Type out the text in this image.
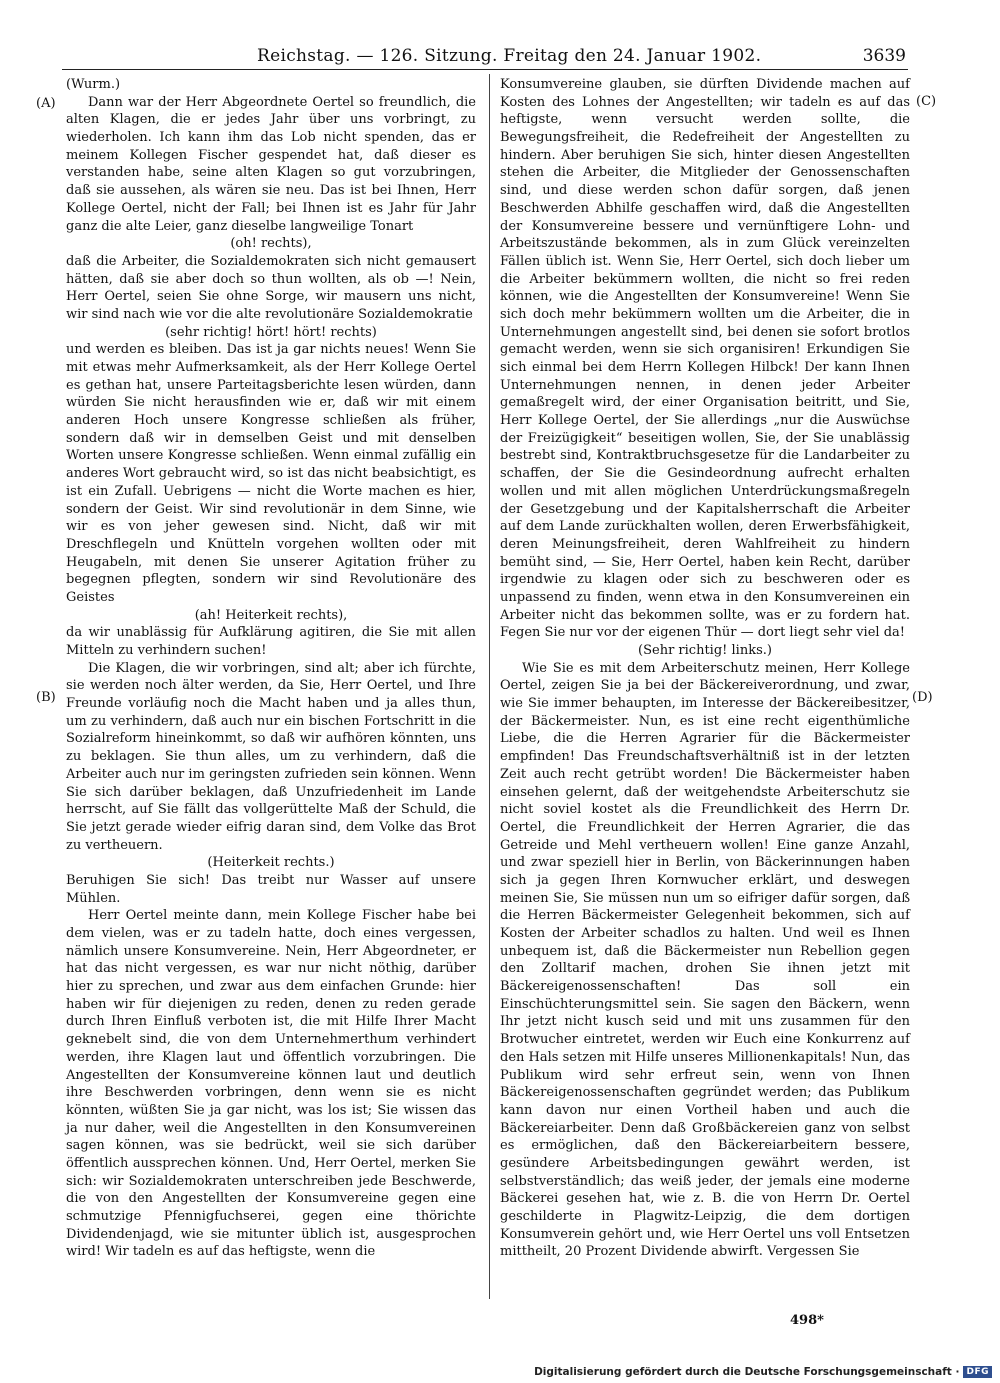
Reichstag. — 126. Sitzung. Freitag den 24. Januar 1902.	3639
(A)
(B)
(C)
(D)

(Wurm.)

Dann war der Herr Abgeordnete Oertel so freundlich, die alten Klagen, die er jedes Jahr über uns vorbringt, zu wiederholen. Ich kann ihm das Lob nicht spenden, das er meinem Kollegen Fischer gespendet hat, daß dieser es verstanden habe, seine alten Klagen so gut vorzubringen, daß sie aussehen, als wären sie neu. Das ist bei Ihnen, Herr Kollege Oertel, nicht der Fall; bei Ihnen ist es Jahr für Jahr ganz die alte Leier, ganz dieselbe langweilige Tonart

(oh! rechts),

daß die Arbeiter, die Sozialdemokraten sich nicht gemausert hätten, daß sie aber doch so thun wollten, als ob —! Nein, Herr Oertel, seien Sie ohne Sorge, wir mausern uns nicht, wir sind nach wie vor die alte revolutionäre Sozialdemokratie

(sehr richtig! hört! hört! rechts)

und werden es bleiben. Das ist ja gar nichts neues! Wenn Sie mit etwas mehr Aufmerksamkeit, als der Herr Kollege Oertel es gethan hat, unsere Parteitagsberichte lesen würden, dann würden Sie nicht herausfinden wie er, daß wir mit einem anderen Hoch unsere Kongresse schließen als früher, sondern daß wir in demselben Geist und mit denselben Worten unsere Kongresse schließen. Wenn einmal zufällig ein anderes Wort gebraucht wird, so ist das nicht beabsichtigt, es ist ein Zufall. Uebrigens — nicht die Worte machen es hier, sondern der Geist. Wir sind revolutionär in dem Sinne, wie wir es von jeher gewesen sind. Nicht, daß wir mit Dreschflegeln und Knütteln vorgehen wollten oder mit Heugabeln, mit denen Sie unserer Agitation früher zu begegnen pflegten, sondern wir sind Revolutionäre des Geistes

(ah! Heiterkeit rechts),

da wir unablässig für Aufklärung agitiren, die Sie mit allen Mitteln zu verhindern suchen!

Die Klagen, die wir vorbringen, sind alt; aber ich fürchte, sie werden noch älter werden, da Sie, Herr Oertel, und Ihre Freunde vorläufig noch die Macht haben und ja alles thun, um zu verhindern, daß auch nur ein bischen Fortschritt in die Sozialreform hineinkommt, so daß wir aufhören könnten, uns zu beklagen. Sie thun alles, um zu verhindern, daß die Arbeiter auch nur im geringsten zufrieden sein können. Wenn Sie sich darüber beklagen, daß Unzufriedenheit im Lande herrscht, auf Sie fällt das vollgerüttelte Maß der Schuld, die Sie jetzt gerade wieder eifrig daran sind, dem Volke das Brot zu vertheuern.

(Heiterkeit rechts.)

Beruhigen Sie sich! Das treibt nur Wasser auf unsere Mühlen.

Herr Oertel meinte dann, mein Kollege Fischer habe bei dem vielen, was er zu tadeln hatte, doch eines vergessen, nämlich unsere Konsumvereine. Nein, Herr Abgeordneter, er hat das nicht vergessen, es war nur nicht nöthig, darüber hier zu sprechen, und zwar aus dem einfachen Grunde: hier haben wir für diejenigen zu reden, denen zu reden gerade durch Ihren Einfluß verboten ist, die mit Hilfe Ihrer Macht geknebelt sind, die von dem Unternehmerthum verhindert werden, ihre Klagen laut und öffentlich vorzubringen. Die Angestellten der Konsumvereine können laut und deutlich ihre Beschwerden vorbringen, denn wenn sie es nicht könnten, wüßten Sie ja gar nicht, was los ist; Sie wissen das ja nur daher, weil die Angestellten in den Konsumvereinen sagen können, was sie bedrückt, weil sie sich darüber öffentlich aussprechen können. Und, Herr Oertel, merken Sie sich: wir Sozialdemokraten unterschreiben jede Beschwerde, die von den Angestellten der Konsumvereine gegen eine schmutzige Pfennigfuchserei, gegen eine thörichte Dividendenjagd, wie sie mitunter üblich ist, ausgesprochen wird! Wir tadeln es auf das heftigste, wenn die

Konsumvereine glauben, sie dürften Dividende machen auf Kosten des Lohnes der Angestellten; wir tadeln es auf das heftigste, wenn versucht werden sollte, die Bewegungsfreiheit, die Redefreiheit der Angestellten zu hindern. Aber beruhigen Sie sich, hinter diesen Angestellten stehen die Arbeiter, die Mitglieder der Genossenschaften sind, und diese werden schon dafür sorgen, daß jenen Beschwerden Abhilfe geschaffen wird, daß die Angestellten der Konsumvereine bessere und vernünftigere Lohn- und Arbeitszustände bekommen, als in zum Glück vereinzelten Fällen üblich ist. Wenn Sie, Herr Oertel, sich doch lieber um die Arbeiter bekümmern wollten, die nicht so frei reden können, wie die Angestellten der Konsumvereine! Wenn Sie sich doch mehr bekümmern wollten um die Arbeiter, die in Unternehmungen angestellt sind, bei denen sie sofort brotlos gemacht werden, wenn sie sich organisiren! Erkundigen Sie sich einmal bei dem Herrn Kollegen Hilbck! Der kann Ihnen Unternehmungen nennen, in denen jeder Arbeiter gemaßregelt wird, der einer Organisation beitritt, und Sie, Herr Kollege Oertel, der Sie allerdings „nur die Auswüchse der Freizügigkeit“ beseitigen wollen, Sie, der Sie unablässig bestrebt sind, Kontraktbruchsgesetze für die Landarbeiter zu schaffen, der Sie die Gesindeordnung aufrecht erhalten wollen und mit allen möglichen Unterdrückungsmaßregeln der Gesetzgebung und der Kapitalsherrschaft die Arbeiter auf dem Lande zurückhalten wollen, deren Erwerbsfähigkeit, deren Meinungsfreiheit, deren Wahlfreiheit zu hindern bemüht sind, — Sie, Herr Oertel, haben kein Recht, darüber irgendwie zu klagen oder sich zu beschweren oder es unpassend zu finden, wenn etwa in den Konsumvereinen ein Arbeiter nicht das bekommen sollte, was er zu fordern hat. Fegen Sie nur vor der eigenen Thür — dort liegt sehr viel da!

(Sehr richtig! links.)

Wie Sie es mit dem Arbeiterschutz meinen, Herr Kollege Oertel, zeigen Sie ja bei der Bäckereiverordnung, und zwar, wie Sie immer behaupten, im Interesse der Bäckereibesitzer, der Bäckermeister. Nun, es ist eine recht eigenthümliche Liebe, die die Herren Agrarier für die Bäckermeister empfinden! Das Freundschaftsverhältniß ist in der letzten Zeit auch recht getrübt worden! Die Bäckermeister haben einsehen gelernt, daß der weitgehendste Arbeiterschutz sie nicht soviel kostet als die Freundlichkeit des Herrn Dr. Oertel, die Freundlichkeit der Herren Agrarier, die das Getreide und Mehl vertheuern wollen! Eine ganze Anzahl, und zwar speziell hier in Berlin, von Bäckerinnungen haben sich ja gegen Ihren Kornwucher erklärt, und deswegen meinen Sie, Sie müssen nun um so eifriger dafür sorgen, daß die Herren Bäckermeister Gelegenheit bekommen, sich auf Kosten der Arbeiter schadlos zu halten. Und weil es Ihnen unbequem ist, daß die Bäckermeister nun Rebellion gegen den Zolltarif machen, drohen Sie ihnen jetzt mit Bäckereigenossenschaften! Das soll ein Einschüchterungsmittel sein. Sie sagen den Bäckern, wenn Ihr jetzt nicht kusch seid und mit uns zusammen für den Brotwucher eintretet, werden wir Euch eine Konkurrenz auf den Hals setzen mit Hilfe unseres Millionenkapitals! Nun, das Publikum wird sehr erfreut sein, wenn von Ihnen Bäckereigenossenschaften gegründet werden; das Publikum kann davon nur einen Vortheil haben und auch die Bäckereiarbeiter. Denn daß Großbäckereien ganz von selbst es ermöglichen, daß den Bäckereiarbeitern bessere, gesündere Arbeitsbedingungen gewährt werden, ist selbstverständlich; das weiß jeder, der jemals eine moderne Bäckerei gesehen hat, wie z. B. die von Herrn Dr. Oertel geschilderte in Plagwitz-Leipzig, die dem dortigen Konsumverein gehört und, wie Herr Oertel uns voll Entsetzen mittheilt, 20 Prozent Dividende abwirft. Vergessen Sie

498*
Digitalisierung gefördert durch die Deutsche Forschungsgemeinschaft · DFG
